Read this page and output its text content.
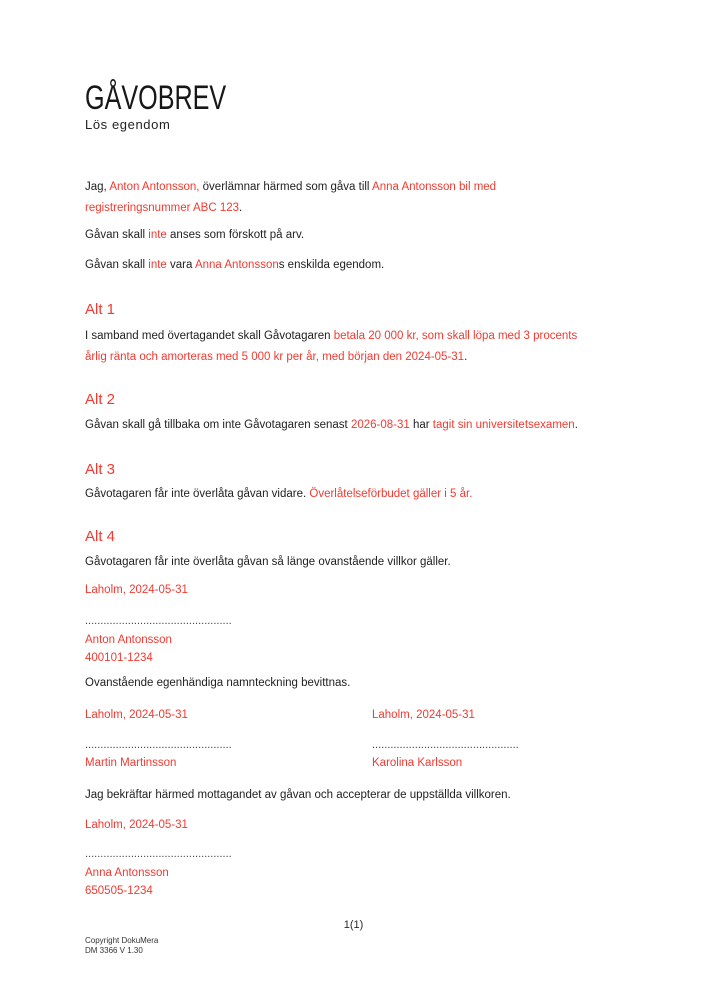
GÅVOBREV
Lös egendom
Jag, Anton Antonsson, överlämnar härmed som gåva till Anna Antonsson bil med
registreringsnummer ABC 123.
Gåvan skall inte anses som förskott på arv.
Gåvan skall inte vara Anna Antonssons enskilda egendom.
Alt 1
I samband med övertagandet skall Gåvotagaren betala 20 000 kr, som skall löpa med 3 procents
årlig ränta och amorteras med 5 000 kr per år, med början den 2024-05-31.
Alt 2
Gåvan skall gå tillbaka om inte Gåvotagaren senast 2026-08-31 har tagit sin universitetsexamen.
Alt 3
Gåvotagaren får inte överlåta gåvan vidare. Överlåtelseförbudet gäller i 5 år.
Alt 4
Gåvotagaren får inte överlåta gåvan så länge ovanstående villkor gäller.
Laholm, 2024-05-31
................................................
Anton Antonsson
400101-1234
Ovanstående egenhändiga namnteckning bevittnas.
Laholm, 2024-05-31	Laholm, 2024-05-31
................................................	................................................
Martin Martinsson	Karolina Karlsson
Jag bekräftar härmed mottagandet av gåvan och accepterar de uppställda villkoren.
Laholm, 2024-05-31
................................................
Anna Antonsson
650505-1234
1(1)
Copyright DokuMera
DM 3366 V 1.30
